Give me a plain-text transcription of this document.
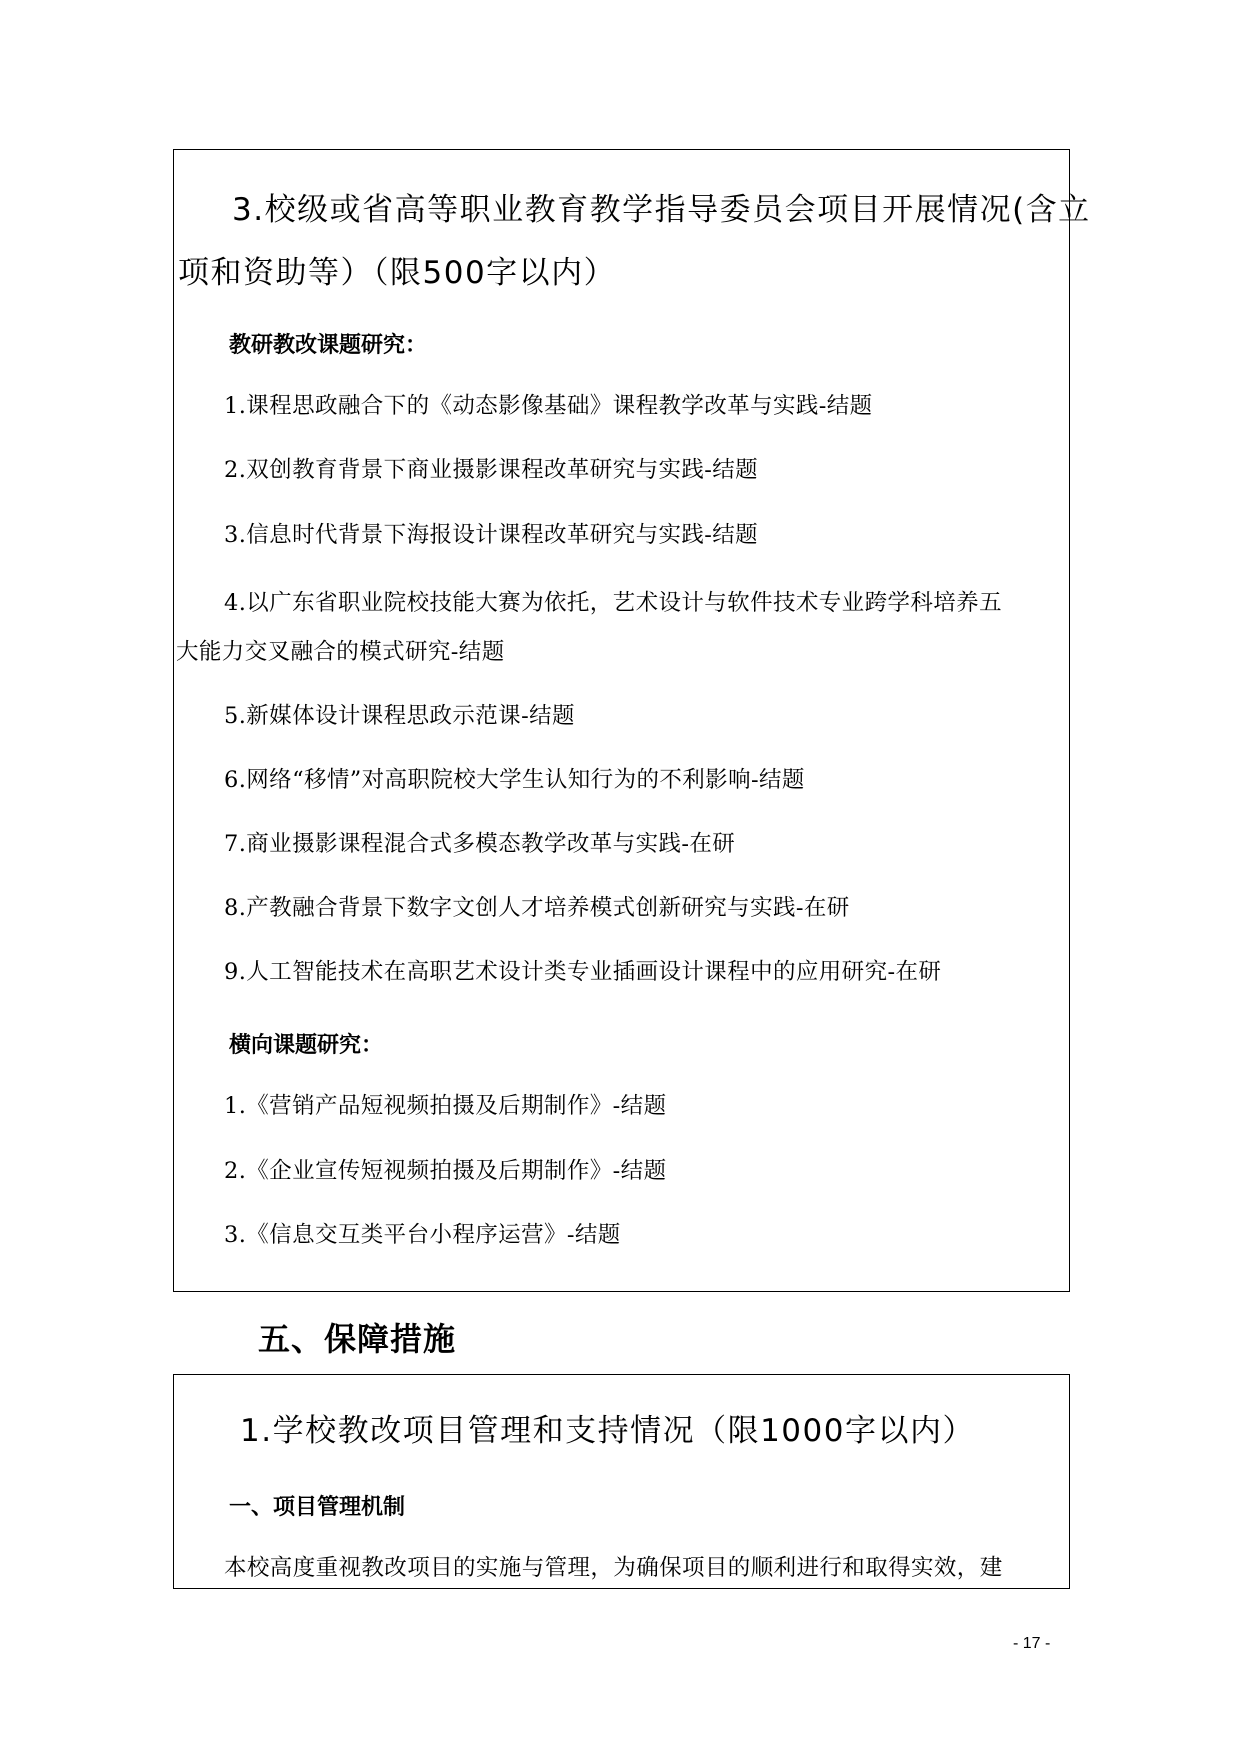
3.校级或省高等职业教育教学指导委员会项目开展情况(含立
项和资助等）（限500字以内）
教研教改课题研究：
1.课程思政融合下的《动态影像基础》课程教学改革与实践-结题
2.双创教育背景下商业摄影课程改革研究与实践-结题
3.信息时代背景下海报设计课程改革研究与实践-结题
4.以广东省职业院校技能大赛为依托，艺术设计与软件技术专业跨学科培养五
大能力交叉融合的模式研究-结题
5.新媒体设计课程思政示范课-结题
6.网络“移情”对高职院校大学生认知行为的不利影响-结题
7.商业摄影课程混合式多模态教学改革与实践-在研
8.产教融合背景下数字文创人才培养模式创新研究与实践-在研
9.人工智能技术在高职艺术设计类专业插画设计课程中的应用研究-在研
横向课题研究：
1.《营销产品短视频拍摄及后期制作》-结题
2.《企业宣传短视频拍摄及后期制作》-结题
3.《信息交互类平台小程序运营》-结题
五、保障措施
1.学校教改项目管理和支持情况（限1000字以内）
一、项目管理机制
本校高度重视教改项目的实施与管理，为确保项目的顺利进行和取得实效，建
- 17 -
